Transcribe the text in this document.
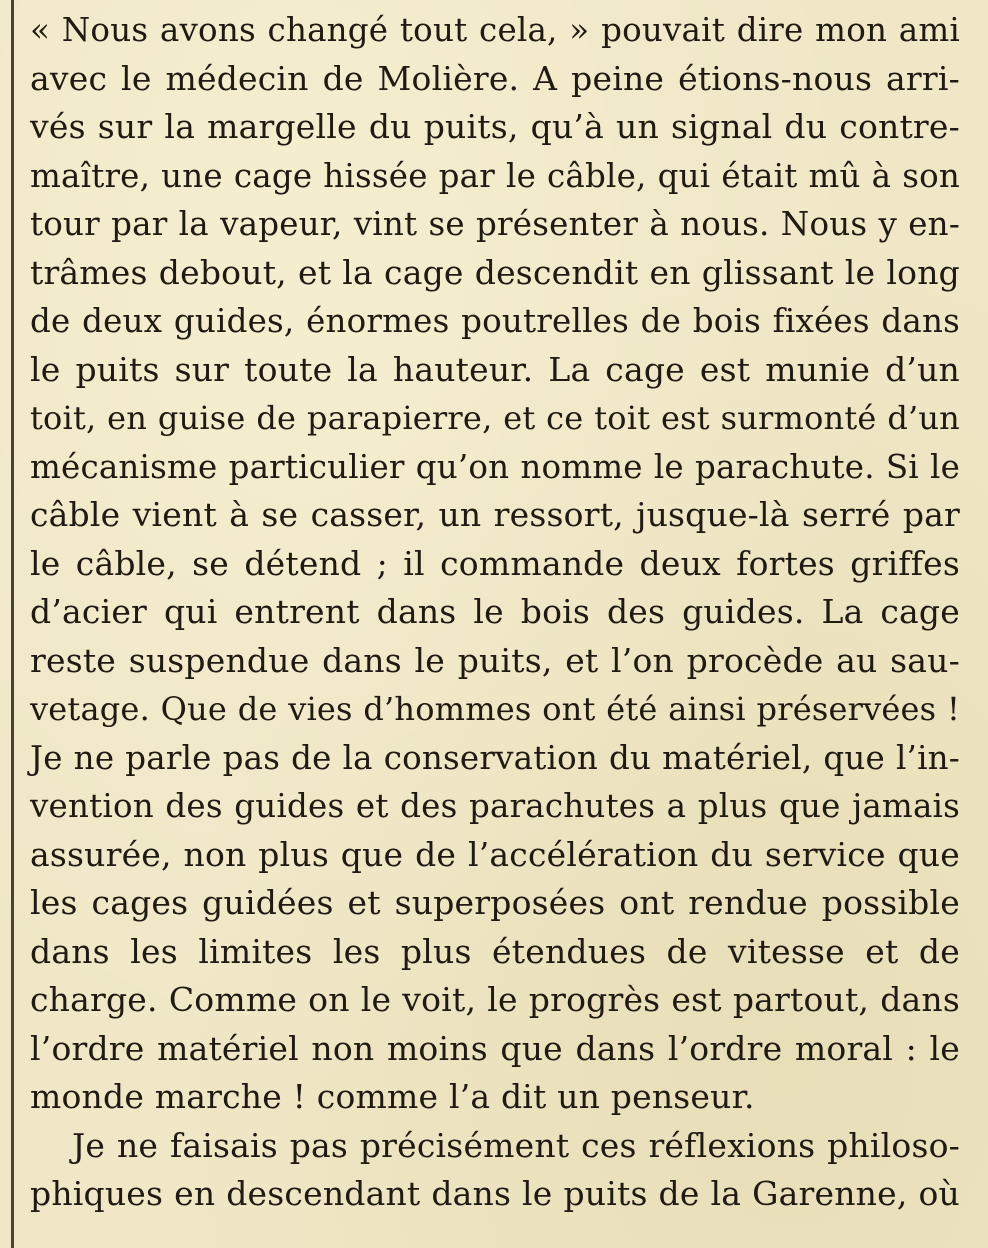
« Nous avons changé tout cela, » pouvait dire mon ami
avec le médecin de Molière. A peine étions-nous arri-
vés sur la margelle du puits, qu’à un signal du contre-
maître, une cage hissée par le câble, qui était mû à son
tour par la vapeur, vint se présenter à nous. Nous y en-
trâmes debout, et la cage descendit en glissant le long
de deux guides, énormes poutrelles de bois fixées dans
le puits sur toute la hauteur. La cage est munie d’un
toit, en guise de parapierre, et ce toit est surmonté d’un
mécanisme particulier qu’on nomme le parachute. Si le
câble vient à se casser, un ressort, jusque-là serré par
le câble, se détend ; il commande deux fortes griffes
d’acier qui entrent dans le bois des guides. La cage
reste suspendue dans le puits, et l’on procède au sau-
vetage. Que de vies d’hommes ont été ainsi préservées !
Je ne parle pas de la conservation du matériel, que l’in-
vention des guides et des parachutes a plus que jamais
assurée, non plus que de l’accélération du service que
les cages guidées et superposées ont rendue possible
dans les limites les plus étendues de vitesse et de
charge. Comme on le voit, le progrès est partout, dans
l’ordre matériel non moins que dans l’ordre moral : le
monde marche ! comme l’a dit un penseur.
Je ne faisais pas précisément ces réflexions philoso-
phiques en descendant dans le puits de la Garenne, où
